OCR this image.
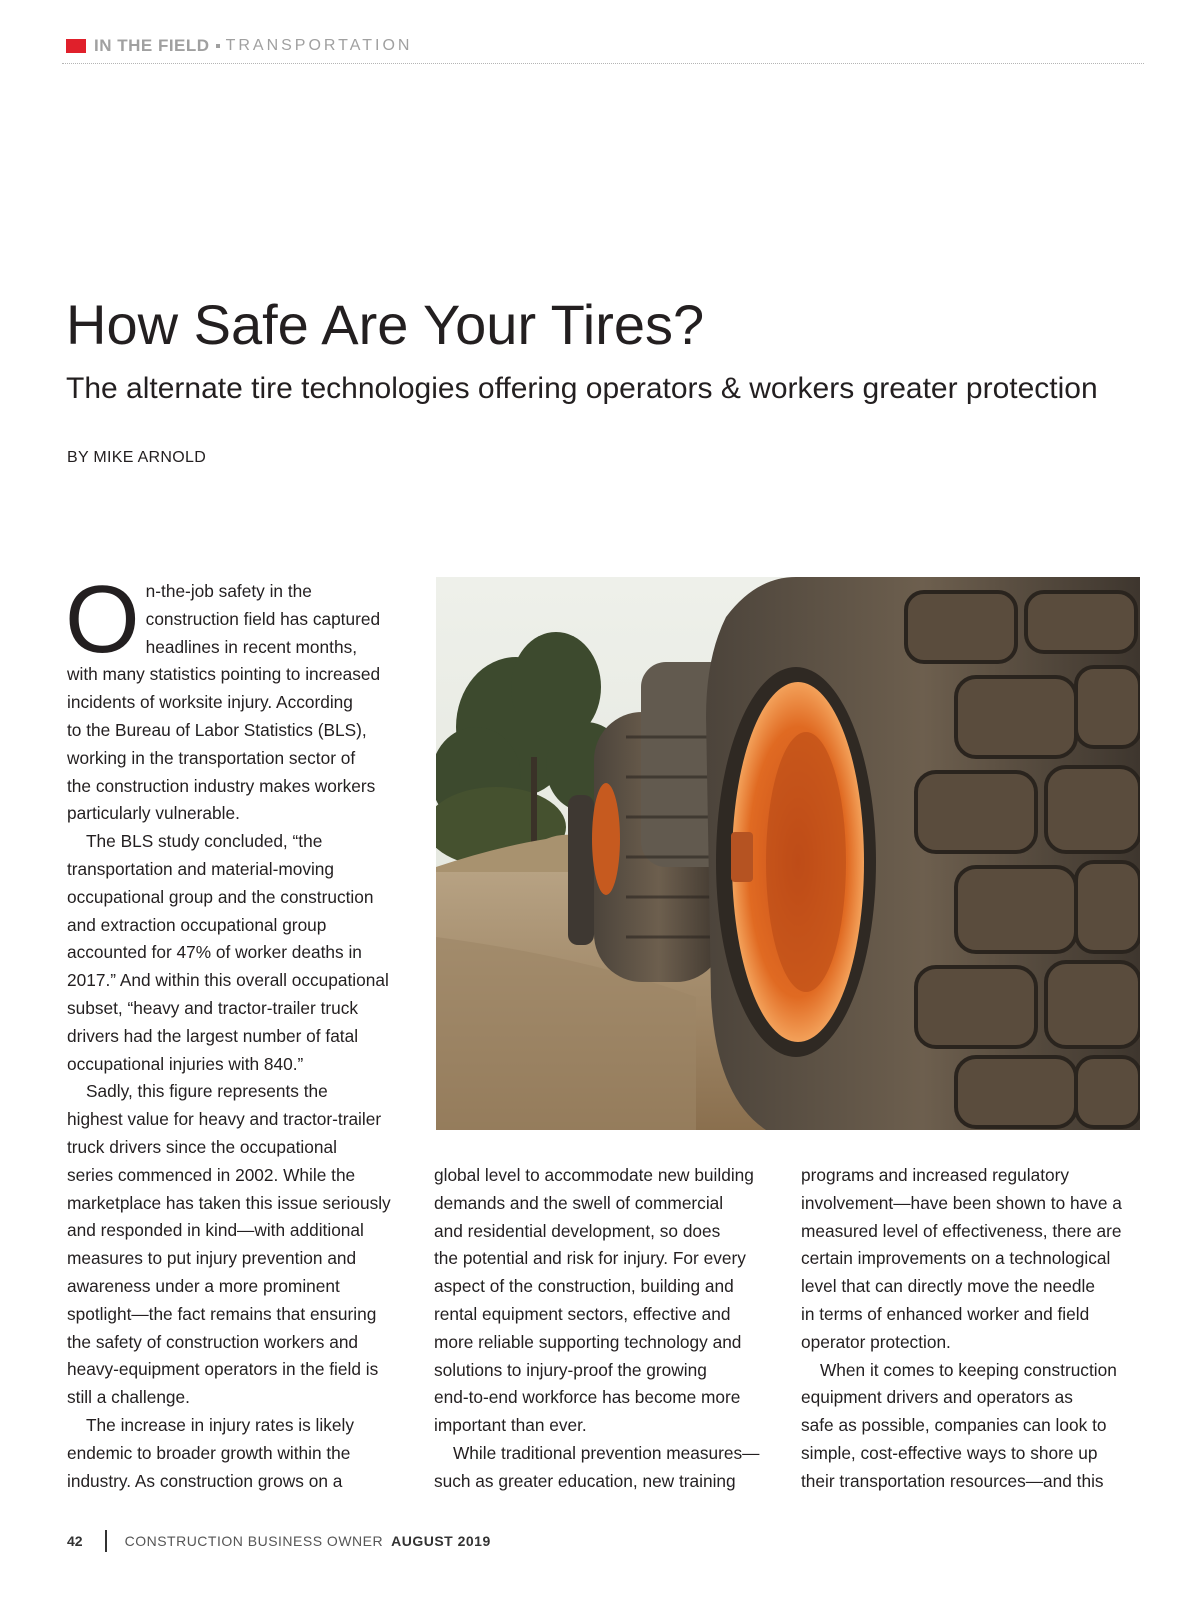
IN THE FIELD TRANSPORTATION
How Safe Are Your Tires?
The alternate tire technologies offering operators & workers greater protection
BY MIKE ARNOLD
O n-the-job safety in the

construction field has captured

headlines in recent months,

with many statistics pointing to increased

incidents of worksite injury. According

to the Bureau of Labor Statistics (BLS),

working in the transportation sector of

the construction industry makes workers

particularly vulnerable.

The BLS study concluded, “the

transportation and material-moving

occupational group and the construction

and extraction occupational group

accounted for 47% of worker deaths in

2017.” And within this overall occupational

subset, “heavy and tractor-trailer truck

drivers had the largest number of fatal

occupational injuries with 840.”

Sadly, this figure represents the

highest value for heavy and tractor-trailer

truck drivers since the occupational

series commenced in 2002. While the

marketplace has taken this issue seriously

and responded in kind—with additional

measures to put injury prevention and

awareness under a more prominent

spotlight—the fact remains that ensuring

the safety of construction workers and

heavy-equipment operators in the field is

still a challenge.

The increase in injury rates is likely

endemic to broader growth within the

industry. As construction grows on a

global level to accommodate new building

demands and the swell of commercial

and residential development, so does

the potential and risk for injury. For every

aspect of the construction, building and

rental equipment sectors, effective and

more reliable supporting technology and

solutions to injury-proof the growing

end-to-end workforce has become more

important than ever.

While traditional prevention measures—

such as greater education, new training

programs and increased regulatory

involvement—have been shown to have a

measured level of effectiveness, there are

certain improvements on a technological

level that can directly move the needle

in terms of enhanced worker and field

operator protection.

When it comes to keeping construction

equipment drivers and operators as

safe as possible, companies can look to

simple, cost-effective ways to shore up

their transportation resources—and this

42	CONSTRUCTION BUSINESS OWNER AUGUST 2019
